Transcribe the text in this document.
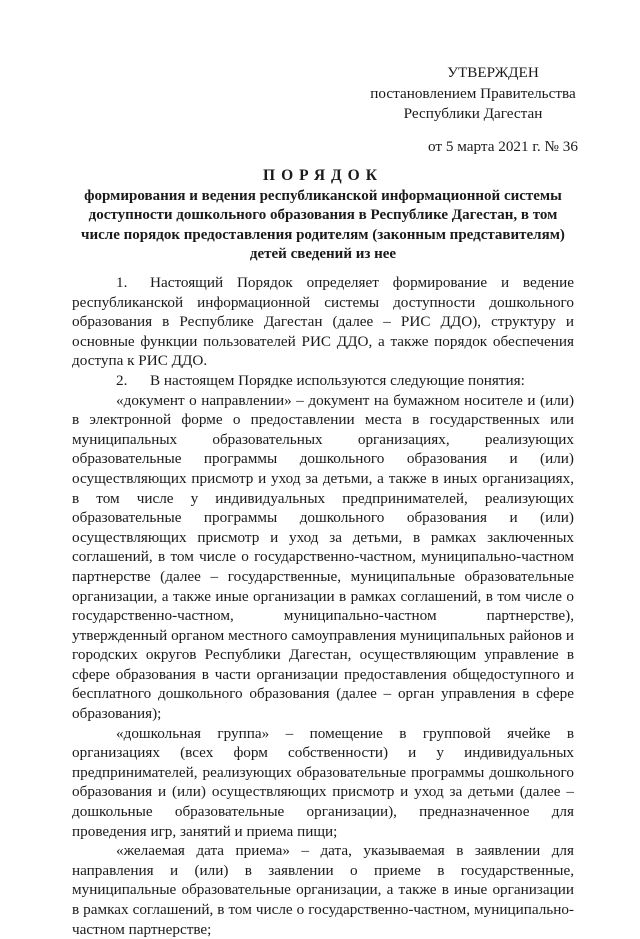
УТВЕРЖДЕН
постановлением Правительства
Республики Дагестан
от 5 марта 2021 г. № 36
ПОРЯДОК
формирования и ведения республиканской информационной системы доступности дошкольного образования в Республике Дагестан, в том числе порядок предоставления родителям (законным представителям) детей сведений из нее

1. Настоящий Порядок определяет формирование и ведение республиканской информационной системы доступности дошкольного образования в Республике Дагестан (далее – РИС ДДО), структуру и основные функции пользователей РИС ДДО, а также порядок обеспечения доступа к РИС ДДО.

2. В настоящем Порядке используются следующие понятия:

«документ о направлении» – документ на бумажном носителе и (или) в электронной форме о предоставлении места в государственных или муниципальных образовательных организациях, реализующих образовательные программы дошкольного образования и (или) осуществляющих присмотр и уход за детьми, а также в иных организациях, в том числе у индивидуальных предпринимателей, реализующих образовательные программы дошкольного образования и (или) осуществляющих присмотр и уход за детьми, в рамках заключенных соглашений, в том числе о государственно-частном, муниципально-частном партнерстве (далее – государственные, муниципальные образовательные организации, а также иные организации в рамках соглашений, в том числе о государственно-частном, муниципально-частном партнерстве), утвержденный органом местного самоуправления муниципальных районов и городских округов Республики Дагестан, осуществляющим управление в сфере образования в части организации предоставления общедоступного и бесплатного дошкольного образования (далее – орган управления в сфере образования);

«дошкольная группа» – помещение в групповой ячейке в организациях (всех форм собственности) и у индивидуальных предпринимателей, реализующих образовательные программы дошкольного образования и (или) осуществляющих присмотр и уход за детьми (далее – дошкольные образовательные организации), предназначенное для проведения игр, занятий и приема пищи;

«желаемая дата приема» – дата, указываемая в заявлении для направления и (или) в заявлении о приеме в государственные, муниципальные образовательные организации, а также в иные организации в рамках соглашений, в том числе о государственно-частном, муниципально-частном партнерстве;
